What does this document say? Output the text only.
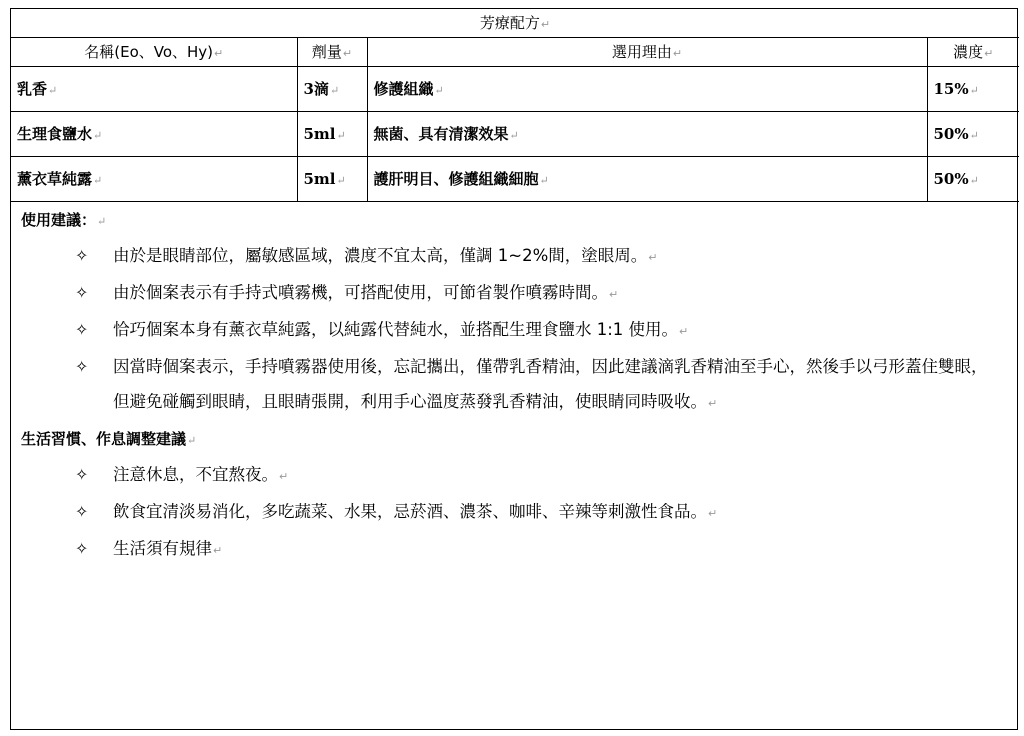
芳療配方↵			
名稱(Eo、Vo、Hy)↵	劑量↵	選用理由↵	濃度↵
乳香↵	3滴↵	修護組織↵	15%↵
生理食鹽水↵	5ml↵	無菌、具有清潔效果↵	50%↵
薰衣草純露↵	5ml↵	護肝明目、修護組織細胞↵	50%↵
使用建議：↵
✧ 由於是眼睛部位，屬敏感區域，濃度不宜太高，僅調 1~2%間，塗眼周。↵
✧ 由於個案表示有手持式噴霧機，可搭配使用，可節省製作噴霧時間。↵
✧ 恰巧個案本身有薰衣草純露，以純露代替純水，並搭配生理食鹽水 1:1 使用。↵
✧ 因當時個案表示，手持噴霧器使用後，忘記攜出，僅帶乳香精油，因此建議滴乳香精油至手心，然後手以弓形蓋住雙眼，但避免碰觸到眼睛，且眼睛張開，利用手心溫度蒸發乳香精油，使眼睛同時吸收。↵
生活習慣、作息調整建議↵
✧ 注意休息，不宜熬夜。↵
✧ 飲食宜清淡易消化，多吃蔬菜、水果，忌菸酒、濃茶、咖啡、辛辣等刺激性食品。↵
✧ 生活須有規律↵
